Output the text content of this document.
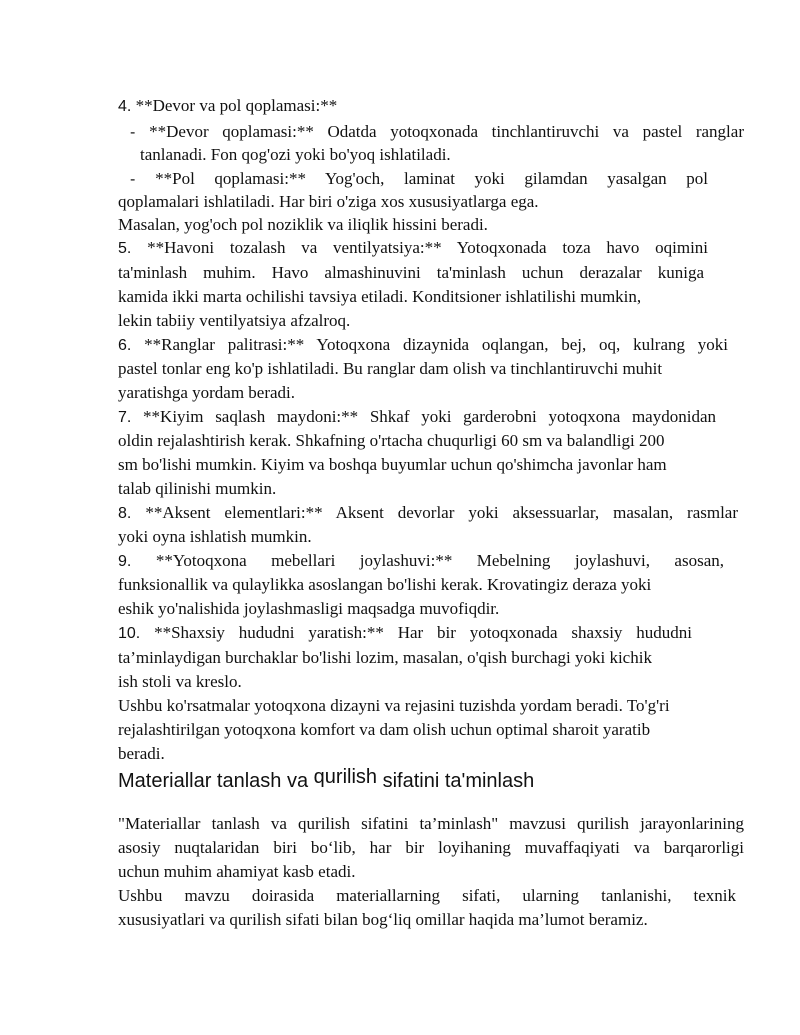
4. **Devor va pol qoplamasi:**
- **Devor qoplamasi:** Odatda yotoqxonada tinchlantiruvchi va pastel ranglar
tanlanadi. Fon qog'ozi yoki bo'yoq ishlatiladi.
- **Pol qoplamasi:** Yog'och, laminat yoki gilamdan yasalgan pol
qoplamalari ishlatiladi. Har biri o'ziga xos xususiyatlarga ega.
Masalan, yog'och pol noziklik va iliqlik hissini beradi.
5. **Havoni tozalash va ventilyatsiya:** Yotoqxonada toza havo oqimini
ta'minlash muhim. Havo almashinuvini ta'minlash uchun derazalar kuniga
kamida ikki marta ochilishi tavsiya etiladi. Konditsioner ishlatilishi mumkin,
lekin tabiiy ventilyatsiya afzalroq.
6. **Ranglar palitrasi:** Yotoqxona dizaynida oqlangan, bej, oq, kulrang yoki
pastel tonlar eng ko'p ishlatiladi. Bu ranglar dam olish va tinchlantiruvchi muhit
yaratishga yordam beradi.
7. **Kiyim saqlash maydoni:** Shkaf yoki garderobni yotoqxona maydonidan
oldin rejalashtirish kerak. Shkafning o'rtacha chuqurligi 60 sm va balandligi 200
sm bo'lishi mumkin. Kiyim va boshqa buyumlar uchun qo'shimcha javonlar ham
talab qilinishi mumkin.
8. **Aksent elementlari:** Aksent devorlar yoki aksessuarlar, masalan, rasmlar
yoki oyna ishlatish mumkin.
9. **Yotoqxona mebellari joylashuvi:** Mebelning joylashuvi, asosan,
funksionallik va qulaylikka asoslangan bo'lishi kerak. Krovatingiz deraza yoki
eshik yo'nalishida joylashmasligi maqsadga muvofiqdir.
10. **Shaxsiy hududni yaratish:** Har bir yotoqxonada shaxsiy hududni
ta’minlaydigan burchaklar bo'lishi lozim, masalan, o'qish burchagi yoki kichik
ish stoli va kreslo.
Ushbu ko'rsatmalar yotoqxona dizayni va rejasini tuzishda yordam beradi. To'g'ri
rejalashtirilgan yotoqxona komfort va dam olish uchun optimal sharoit yaratib
beradi.
Materiallar tanlash va qurilish sifatini ta'minlash
"Materiallar tanlash va qurilish sifatini ta’minlash" mavzusi qurilish jarayonlarining
asosiy nuqtalaridan biri bo‘lib, har bir loyihaning muvaffaqiyati va barqarorligi
uchun muhim ahamiyat kasb etadi.
Ushbu mavzu doirasida materiallarning sifati, ularning tanlanishi, texnik
xususiyatlari va qurilish sifati bilan bog‘liq omillar haqida ma’lumot beramiz.
